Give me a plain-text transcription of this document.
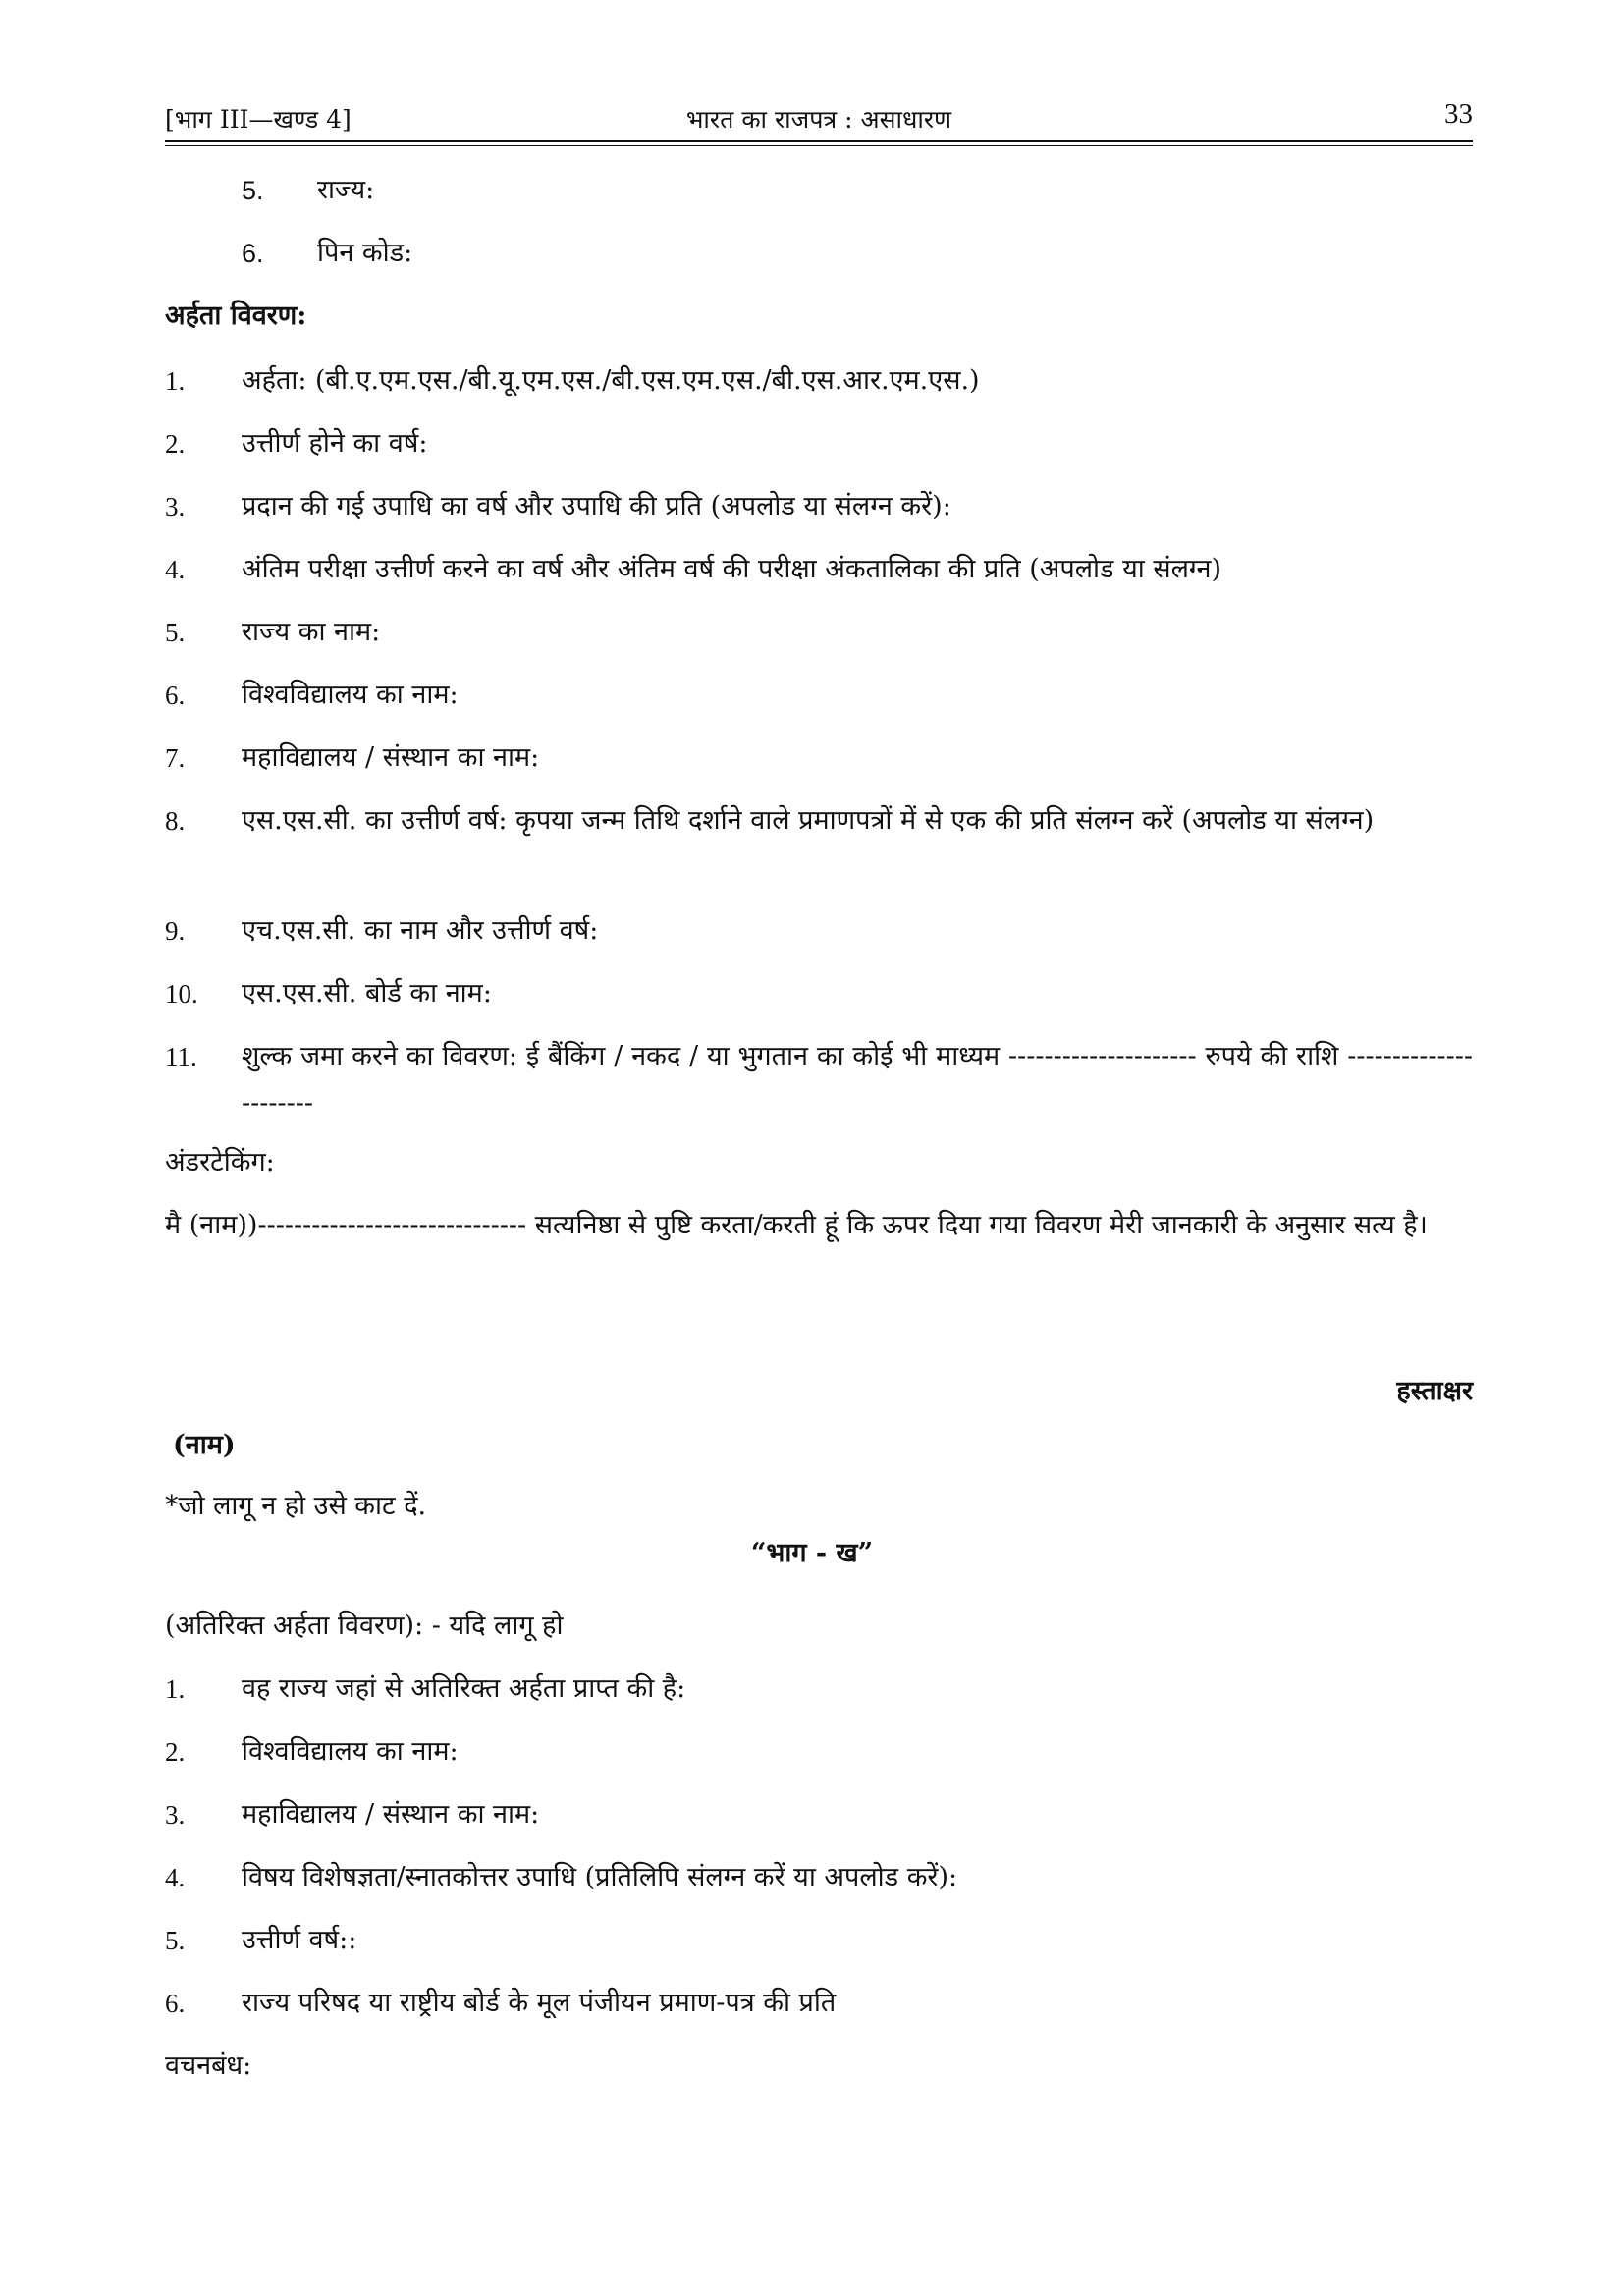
[भाग III—खण्ड 4]	भारत का राजपत्र : असाधारण	33
5. राज्य:
6. पिन कोड:
अर्हता विवरण:
1. अर्हता: (बी.ए.एम.एस./बी.यू.एम.एस./बी.एस.एम.एस./बी.एस.आर.एम.एस.)
2. उत्तीर्ण होने का वर्ष:
3. प्रदान की गई उपाधि का वर्ष और उपाधि की प्रति (अपलोड या संलग्न करें):
4. अंतिम परीक्षा उत्तीर्ण करने का वर्ष और अंतिम वर्ष की परीक्षा अंकतालिका की प्रति (अपलोड या संलग्न)
5. राज्य का नाम:
6. विश्वविद्यालय का नाम:
7. महाविद्यालय / संस्थान का नाम:
8. एस.एस.सी. का उत्तीर्ण वर्ष: कृपया जन्म तिथि दर्शाने वाले प्रमाणपत्रों में से एक की प्रति संलग्न करें (अपलोड या संलग्न)
9. एच.एस.सी. का नाम और उत्तीर्ण वर्ष:
10. एस.एस.सी. बोर्ड का नाम:
11. शुल्क जमा करने का विवरण: ई बैंकिंग / नकद / या भुगतान का कोई भी माध्यम --------------------- रुपये की राशि ----------------------
अंडरटेकिंग:
मै (नाम))------------------------------ सत्यनिष्ठा से पुष्टि करता/करती हूं कि ऊपर दिया गया विवरण मेरी जानकारी के अनुसार सत्य है।
हस्ताक्षर
(नाम)
*जो लागू न हो उसे काट दें.
“भाग - ख”
(अतिरिक्त अर्हता विवरण): - यदि लागू हो
1. वह राज्य जहां से अतिरिक्त अर्हता प्राप्त की है:
2. विश्वविद्यालय का नाम:
3. महाविद्यालय / संस्थान का नाम:
4. विषय विशेषज्ञता/स्नातकोत्तर उपाधि (प्रतिलिपि संलग्न करें या अपलोड करें):
5. उत्तीर्ण वर्ष::
6. राज्य परिषद या राष्ट्रीय बोर्ड के मूल पंजीयन प्रमाण-पत्र की प्रति
वचनबंध:
